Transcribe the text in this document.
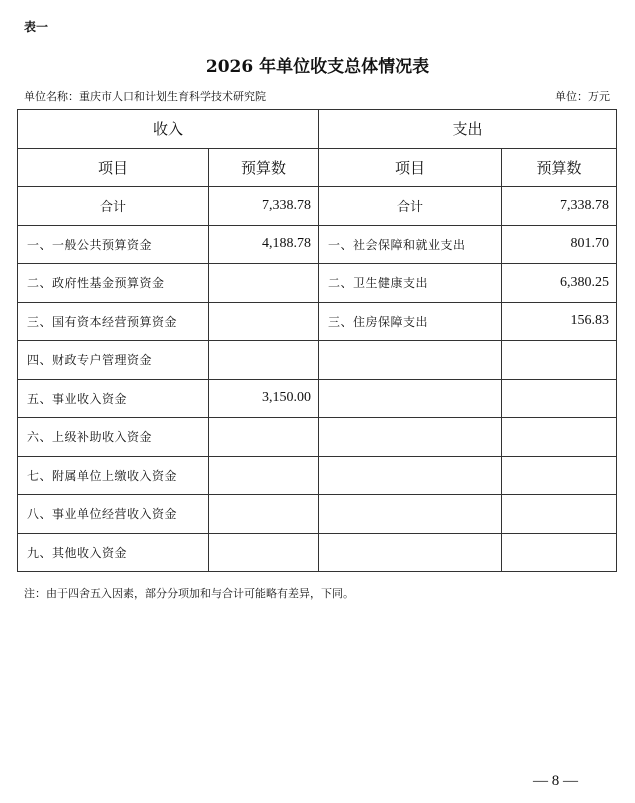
表一
2026 年单位收支总体情况表
单位名称：重庆市人口和计划生育科学技术研究院	单位：万元
收入		支出	
项目	预算数	项目	预算数
合计	7,338.78	合计	7,338.78
一、一般公共预算资金	4,188.78	一、社会保障和就业支出	801.70
二、政府性基金预算资金		二、卫生健康支出	6,380.25
三、国有资本经营预算资金		三、住房保障支出	156.83
四、财政专户管理资金			
五、事业收入资金	3,150.00		
六、上级补助收入资金			
七、附属单位上缴收入资金			
八、事业单位经营收入资金			
九、其他收入资金			
注：由于四舍五入因素，部分分项加和与合计可能略有差异，下同。
— 8 —
